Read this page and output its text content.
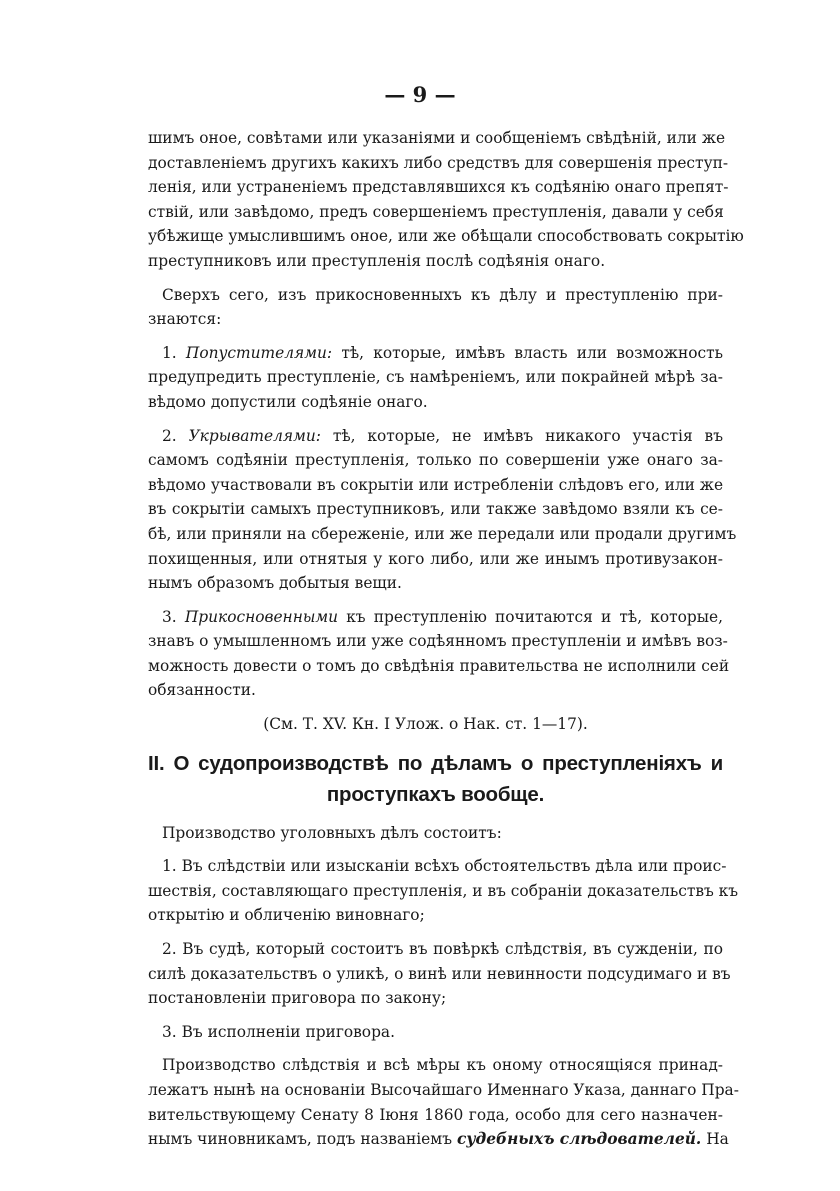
— 9 —
шимъ оное, совѣтами или указаніями и сообщеніемъ свѣдѣній, или же
доставленіемъ другихъ какихъ либо средствъ для совершенія преступ-
ленія, или устраненіемъ представлявшихся къ содѣянію онаго препят-
ствій, или завѣдомо, предъ совершеніемъ преступленія, давали у себя
убѣжище умыслившимъ оное, или же обѣщали способствовать сокрытію
преступниковъ или преступленія послѣ содѣянія онаго.
Сверхъ сего, изъ прикосновенныхъ къ дѣлу и преступленію при-
знаются:
1. Попустителями: тѣ, которые, имѣвъ власть или возможность
предупредить преступленіе, съ намѣреніемъ, или покрайней мѣрѣ за-
вѣдомо допустили содѣяніе онаго.
2. Укрывателями: тѣ, которые, не имѣвъ никакого участія въ
самомъ содѣяніи преступленія, только по совершеніи уже онаго за-
вѣдомо участвовали въ сокрытіи или истребленіи слѣдовъ его, или же
въ сокрытіи самыхъ преступниковъ, или также завѣдомо взяли къ се-
бѣ, или приняли на сбереженіе, или же передали или продали другимъ
похищенныя, или отнятыя у кого либо, или же инымъ противузакон-
нымъ образомъ добытыя вещи.
3. Прикосновенными къ преступленію почитаются и тѣ, которые,
знавъ о умышленномъ или уже содѣянномъ преступленіи и имѣвъ воз-
можность довести о томъ до свѣдѣнія правительства не исполнили сей
обязанности.
(См. Т. XV. Кн. I Улож. о Нак. ст. 1—17).
II. О судопроизводствѣ по дѣламъ о преступленіяхъ и
проступкахъ вообще.
Производство уголовныхъ дѣлъ состоитъ:
1. Въ слѣдствіи или изысканіи всѣхъ обстоятельствъ дѣла или проис-
шествія, составляющаго преступленія, и въ собраніи доказательствъ къ
открытію и обличенію виновнаго;
2. Въ судѣ, который состоитъ въ повѣркѣ слѣдствія, въ сужденіи, по
силѣ доказательствъ о уликѣ, о винѣ или невинности подсудимаго и въ
постановленіи приговора по закону;
3. Въ исполненіи приговора.
Производство слѣдствія и всѣ мѣры къ оному относящіяся принад-
лежатъ нынѣ на основаніи Высочайшаго Именнаго Указа, даннаго Пра-
вительствующему Сенату 8 Іюня 1860 года, особо для сего назначен-
нымъ чиновникамъ, подъ названіемъ судебныхъ слѣдователей. На
